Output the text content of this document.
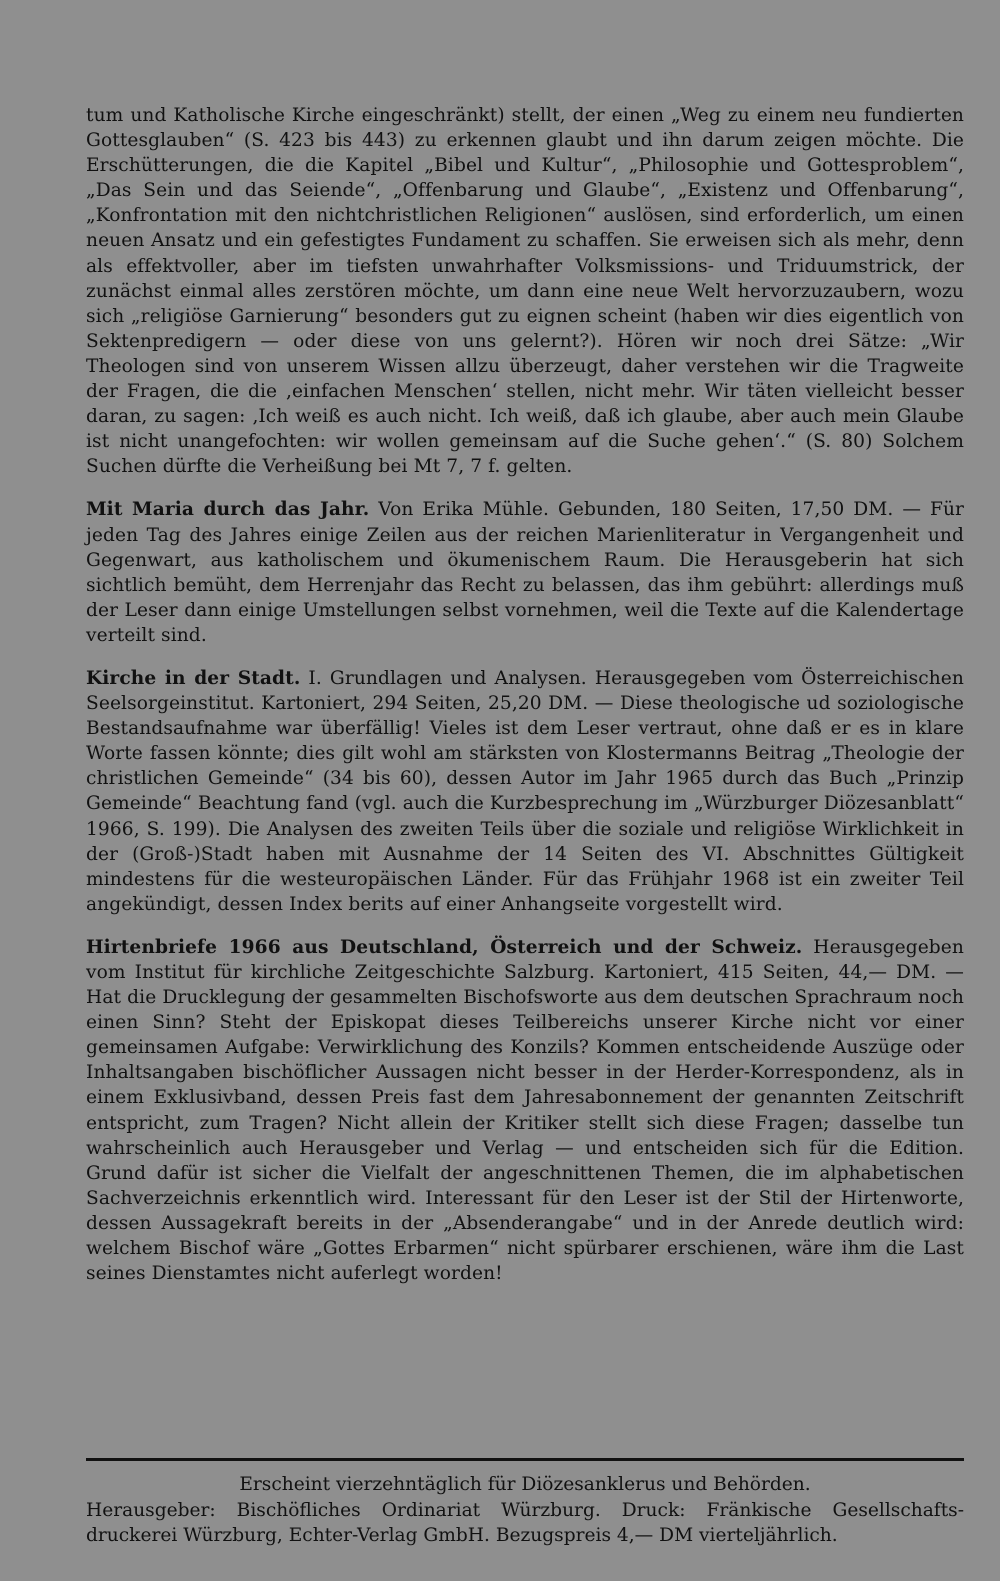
tum und Katholische Kirche eingeschränkt) stellt, der einen „Weg zu einem neu fundierten Gottesglauben“ (S. 423 bis 443) zu erkennen glaubt und ihn darum zeigen möchte. Die Erschütterungen, die die Kapitel „Bibel und Kultur“, „Philosophie und Gottesproblem“, „Das Sein und das Seiende“, „Offenbarung und Glaube“, „Existenz und Offenbarung“, „Konfrontation mit den nichtchristlichen Religionen“ auslösen, sind erforderlich, um einen neuen Ansatz und ein gefestigtes Fundament zu schaffen. Sie erweisen sich als mehr, denn als effektvoller, aber im tiefsten unwahrhafter Volksmissions- und Triduumstrick, der zunächst einmal alles zerstören möchte, um dann eine neue Welt hervorzuzaubern, wozu sich „religiöse Garnierung“ besonders gut zu eignen scheint (haben wir dies eigentlich von Sektenpredigern — oder diese von uns gelernt?). Hören wir noch drei Sätze: „Wir Theologen sind von unserem Wissen allzu überzeugt, daher verstehen wir die Tragweite der Fragen, die die ‚einfachen Menschen‘ stellen, nicht mehr. Wir täten vielleicht besser daran, zu sagen: ‚Ich weiß es auch nicht. Ich weiß, daß ich glaube, aber auch mein Glaube ist nicht unangefochten: wir wollen gemeinsam auf die Suche gehen‘.“ (S. 80) Solchem Suchen dürfte die Verheißung bei Mt 7, 7 f. gelten.

Mit Maria durch das Jahr. Von Erika Mühle. Gebunden, 180 Seiten, 17,50 DM. — Für jeden Tag des Jahres einige Zeilen aus der reichen Marienliteratur in Vergangenheit und Gegenwart, aus katholischem und ökumenischem Raum. Die Herausgeberin hat sich sichtlich bemüht, dem Herrenjahr das Recht zu belassen, das ihm gebührt: allerdings muß der Leser dann einige Umstellungen selbst vornehmen, weil die Texte auf die Kalendertage verteilt sind.

Kirche in der Stadt. I. Grundlagen und Analysen. Herausgegeben vom Österreichischen Seelsorgeinstitut. Kartoniert, 294 Seiten, 25,20 DM. — Diese theologische ud soziologische Bestandsaufnahme war überfällig! Vieles ist dem Leser vertraut, ohne daß er es in klare Worte fassen könnte; dies gilt wohl am stärksten von Klostermanns Beitrag „Theologie der christlichen Gemeinde“ (34 bis 60), dessen Autor im Jahr 1965 durch das Buch „Prinzip Gemeinde“ Beachtung fand (vgl. auch die Kurzbesprechung im „Würzburger Diözesanblatt“ 1966, S. 199). Die Analysen des zweiten Teils über die soziale und religiöse Wirklichkeit in der (Groß-)Stadt haben mit Ausnahme der 14 Seiten des VI. Abschnittes Gültigkeit mindestens für die westeuropäischen Länder. Für das Frühjahr 1968 ist ein zweiter Teil angekündigt, dessen Index berits auf einer Anhangseite vorgestellt wird.

Hirtenbriefe 1966 aus Deutschland, Österreich und der Schweiz. Herausgegeben vom Institut für kirchliche Zeitgeschichte Salzburg. Kartoniert, 415 Seiten, 44,— DM. — Hat die Drucklegung der gesammelten Bischofsworte aus dem deutschen Sprachraum noch einen Sinn? Steht der Episkopat dieses Teilbereichs unserer Kirche nicht vor einer gemeinsamen Aufgabe: Verwirklichung des Konzils? Kommen entscheidende Auszüge oder Inhaltsangaben bischöflicher Aussagen nicht besser in der Herder-Korrespondenz, als in einem Exklusivband, dessen Preis fast dem Jahresabonnement der genannten Zeitschrift entspricht, zum Tragen? Nicht allein der Kritiker stellt sich diese Fragen; dasselbe tun wahrscheinlich auch Herausgeber und Verlag — und entscheiden sich für die Edition. Grund dafür ist sicher die Vielfalt der angeschnittenen Themen, die im alphabetischen Sachverzeichnis erkenntlich wird. Interessant für den Leser ist der Stil der Hirtenworte, dessen Aussagekraft bereits in der „Absenderangabe“ und in der Anrede deutlich wird: welchem Bischof wäre „Gottes Erbarmen“ nicht spürbarer erschienen, wäre ihm die Last seines Dienstamtes nicht auferlegt worden!

Erscheint vierzehntäglich für Diözesanklerus und Behörden.
Herausgeber: Bischöfliches Ordinariat Würzburg. Druck: Fränkische Gesellschafts-
druckerei Würzburg, Echter-Verlag GmbH. Bezugspreis 4,— DM vierteljährlich.
